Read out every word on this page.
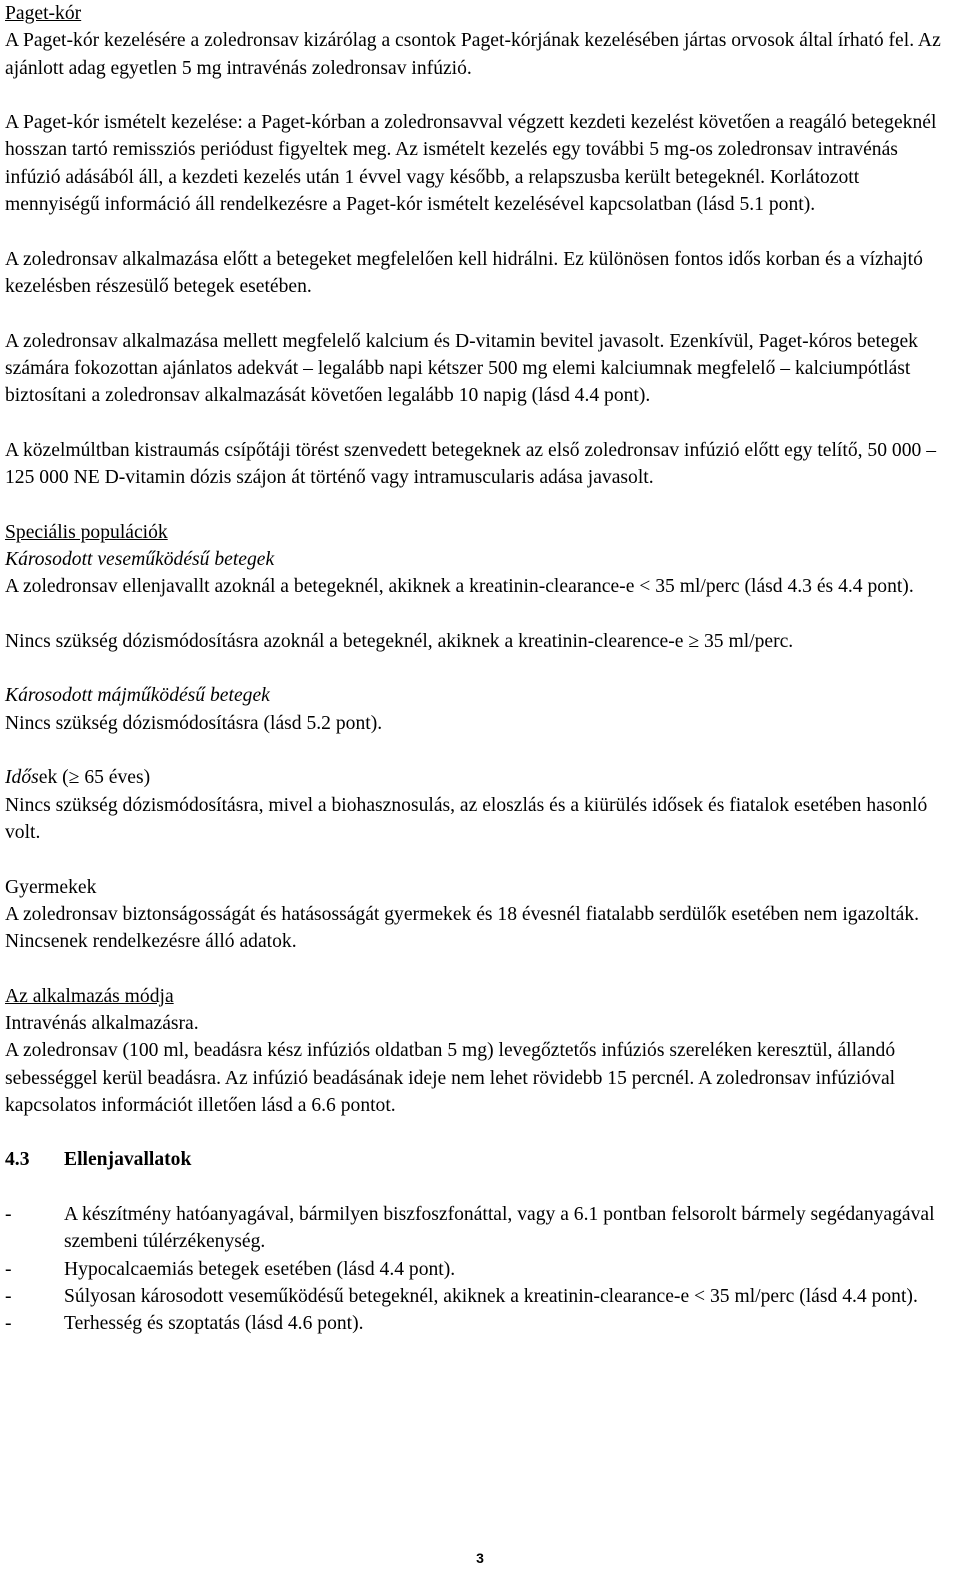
Paget-kór

A Paget-kór kezelésére a zoledronsav kizárólag a csontok Paget-kórjának kezelésében jártas orvosok által írható fel. Az ajánlott adag egyetlen 5 mg intravénás zoledronsav infúzió.

A Paget-kór ismételt kezelése: a Paget-kórban a zoledronsavval végzett kezdeti kezelést követően a reagáló betegeknél hosszan tartó remissziós periódust figyeltek meg. Az ismételt kezelés egy további 5 mg-os zoledronsav intravénás infúzió adásából áll, a kezdeti kezelés után 1 évvel vagy később, a relapszusba került betegeknél. Korlátozott mennyiségű információ áll rendelkezésre a Paget-kór ismételt kezelésével kapcsolatban (lásd 5.1 pont).

A zoledronsav alkalmazása előtt a betegeket megfelelően kell hidrálni. Ez különösen fontos idős korban és a vízhajtó kezelésben részesülő betegek esetében.

A zoledronsav alkalmazása mellett megfelelő kalcium és D-vitamin bevitel javasolt. Ezenkívül, Paget-kóros betegek számára fokozottan ajánlatos adekvát – legalább napi kétszer 500 mg elemi kalciumnak megfelelő – kalciumpótlást biztosítani a zoledronsav alkalmazását követően legalább 10 napig (lásd 4.4 pont).

A közelmúltban kistraumás csípőtáji törést szenvedett betegeknek az első zoledronsav infúzió előtt egy telítő, 50 000 – 125 000 NE D-vitamin dózis szájon át történő vagy intramuscularis adása javasolt.

Speciális populációk

Károsodott veseműködésű betegek

A zoledronsav ellenjavallt azoknál a betegeknél, akiknek a kreatinin-clearance-e < 35 ml/perc (lásd 4.3 és 4.4 pont).

Nincs szükség dózismódosításra azoknál a betegeknél, akiknek a kreatinin-clearence-e ≥ 35 ml/perc.

Károsodott májműködésű betegek

Nincs szükség dózismódosításra (lásd 5.2 pont).

Idősek (≥ 65 éves)

Nincs szükség dózismódosításra, mivel a biohasznosulás, az eloszlás és a kiürülés idősek és fiatalok esetében hasonló volt.

Gyermekek

A zoledronsav biztonságosságát és hatásosságát gyermekek és 18 évesnél fiatalabb serdülők esetében nem igazolták. Nincsenek rendelkezésre álló adatok.

Az alkalmazás módja

Intravénás alkalmazásra.

A zoledronsav (100 ml, beadásra kész infúziós oldatban 5 mg) levegőztetős infúziós szereléken keresztül, állandó sebességgel kerül beadásra. Az infúzió beadásának ideje nem lehet rövidebb 15 percnél. A zoledronsav infúzióval kapcsolatos információt illetően lásd a 6.6 pontot.

4.3	Ellenjavallatok
-	A készítmény hatóanyagával, bármilyen biszfoszfonáttal, vagy a 6.1 pontban felsorolt bármely segédanyagával szembeni túlérzékenység.
-	Hypocalcaemiás betegek esetében (lásd 4.4 pont).
-	Súlyosan károsodott veseműködésű betegeknél, akiknek a kreatinin-clearance-e < 35 ml/perc (lásd 4.4 pont).
-	Terhesség és szoptatás (lásd 4.6 pont).
3
